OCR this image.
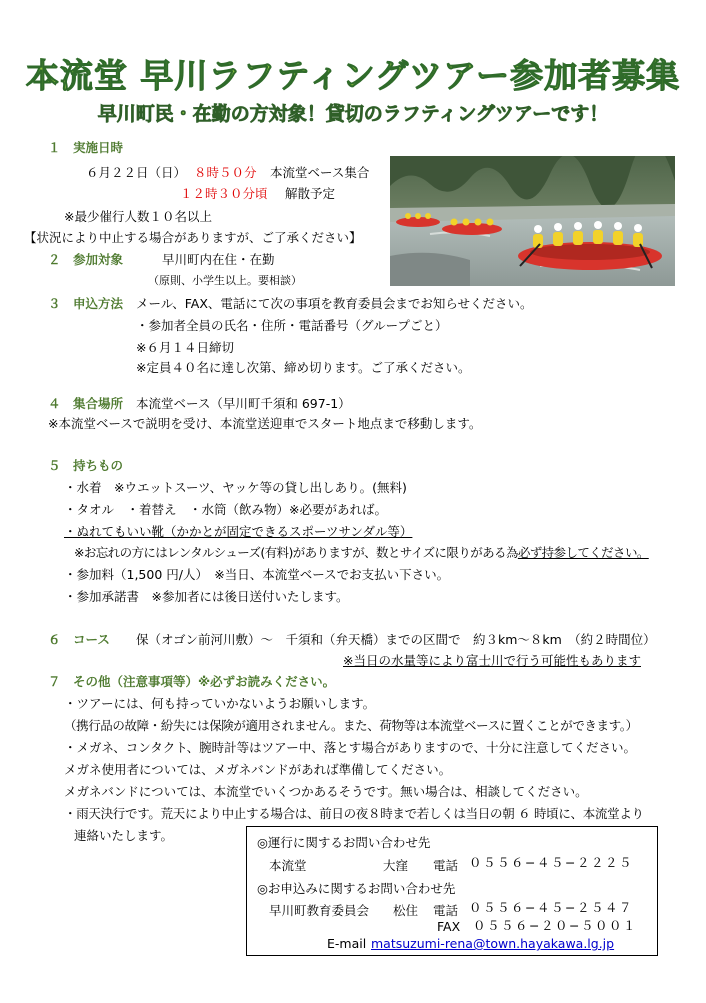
本流堂 早川ラフティングツアー参加者募集
早川町民・在勤の方対象！貸切のラフティングツアーです！
１　実施日時
６月２２日（日） ８時５０分 本流堂ベース集合
１２時３０分頃 解散予定
※最少催行人数１０名以上
【状況により中止する場合がありますが、ご了承ください】
２　参加対象	早川町内在住・在勤
（原則、小学生以上。要相談）
３　申込方法 メール、FAX、電話にて次の事項を教育委員会までお知らせください。
・参加者全員の氏名・住所・電話番号（グループごと）
※６月１４日締切
※定員４０名に達し次第、締め切ります。ご了承ください。
４　集合場所 本流堂ベース（早川町千須和 697-1）
※本流堂ベースで説明を受け、本流堂送迎車でスタート地点まで移動します。
５　持ちもの
・水着　※ウエットスーツ、ヤッケ等の貸し出しあり。(無料)
・タオル　・着替え　・水筒（飲み物）※必要があれば。
・ぬれてもいい靴（かかとが固定できるスポーツサンダル等）
※お忘れの方にはレンタルシューズ(有料)がありますが、数とサイズに限りがある為必ず持参してください。
・参加料（1,500 円/人）　※当日、本流堂ベースでお支払い下さい。
・参加承諾書　※参加者には後日送付いたします。
６　コース 保（オゴン前河川敷）～　千須和（弁天橋）までの区間で　約３km～８km　（約２時間位）
※当日の水量等により富士川で行う可能性もあります
７　その他（注意事項等）※必ずお読みください。
・ツアーには、何も持っていかないようお願いします。
（携行品の故障・紛失には保険が適用されません。また、荷物等は本流堂ベースに置くことができます。）
・メガネ、コンタクト、腕時計等はツアー中、落とす場合がありますので、十分に注意してください。
メガネ使用者については、メガネバンドがあれば準備してください。
メガネバンドについては、本流堂でいくつかあるそうです。無い場合は、相談してください。
・雨天決行です。荒天により中止する場合は、前日の夜８時まで若しくは当日の朝 ６ 時頃に、本流堂より
連絡いたします。	◎運行に関するお問い合わせ先
本流堂	大窪 電話 ０５５６−４５−２２２５
◎お申込みに関するお問い合わせ先
早川町教育委員会 松住 電話 ０５５６−４５−２５４７
FAX ０５５６−２０−５００１
E-mail matsuzumi-rena@town.hayakawa.lg.jp
